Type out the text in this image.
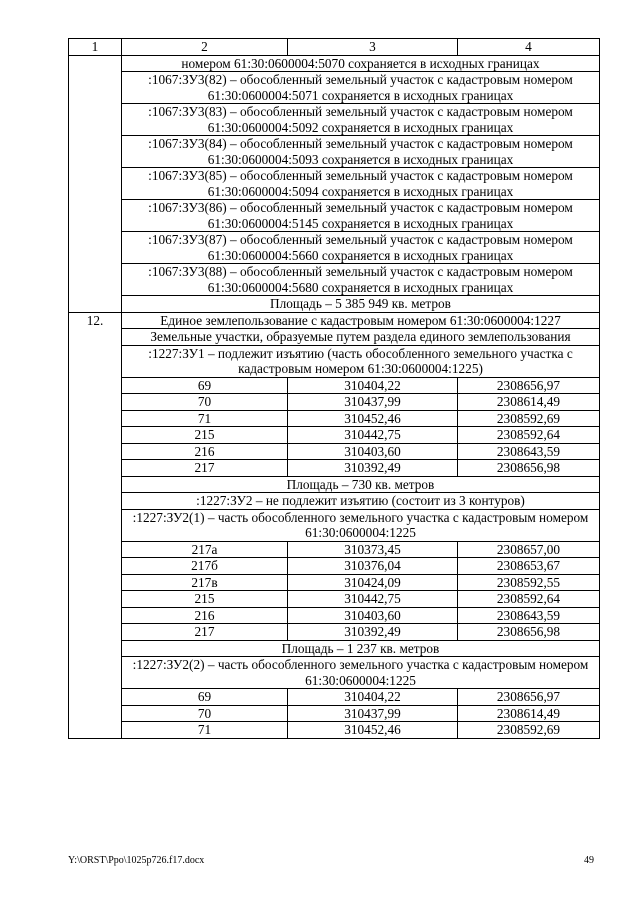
1	2	3	4
	номером 61:30:0600004:5070 сохраняется в исходных границах		
	:1067:ЗУ3(82) – обособленный земельный участок с кадастровым номером 61:30:0600004:5071 сохраняется в исходных границах		
	:1067:ЗУ3(83) – обособленный земельный участок с кадастровым номером 61:30:0600004:5092 сохраняется в исходных границах		
	:1067:ЗУ3(84) – обособленный земельный участок с кадастровым номером 61:30:0600004:5093 сохраняется в исходных границах		
	:1067:ЗУ3(85) – обособленный земельный участок с кадастровым номером 61:30:0600004:5094 сохраняется в исходных границах		
	:1067:ЗУ3(86) – обособленный земельный участок с кадастровым номером 61:30:0600004:5145 сохраняется в исходных границах		
	:1067:ЗУ3(87) – обособленный земельный участок с кадастровым номером 61:30:0600004:5660 сохраняется в исходных границах		
	:1067:ЗУ3(88) – обособленный земельный участок с кадастровым номером 61:30:0600004:5680 сохраняется в исходных границах		
	Площадь – 5 385 949 кв. метров		
12.	Единое землепользование с кадастровым номером 61:30:0600004:1227		
	Земельные участки, образуемые путем раздела единого землепользования		
	:1227:ЗУ1 – подлежит изъятию (часть обособленного земельного участка с кадастровым номером 61:30:0600004:1225)		
	69	310404,22	2308656,97
	70	310437,99	2308614,49
	71	310452,46	2308592,69
	215	310442,75	2308592,64
	216	310403,60	2308643,59
	217	310392,49	2308656,98
	Площадь – 730 кв. метров		
	:1227:ЗУ2 – не подлежит изъятию (состоит из 3 контуров)		
	:1227:ЗУ2(1) – часть обособленного земельного участка с кадастровым номером 61:30:0600004:1225		
	217а	310373,45	2308657,00
	217б	310376,04	2308653,67
	217в	310424,09	2308592,55
	215	310442,75	2308592,64
	216	310403,60	2308643,59
	217	310392,49	2308656,98
	Площадь – 1 237 кв. метров		
	:1227:ЗУ2(2) – часть обособленного земельного участка с кадастровым номером 61:30:0600004:1225		
	69	310404,22	2308656,97
	70	310437,99	2308614,49
	71	310452,46	2308592,69
Y:\ORST\Ppo\1025p726.f17.docx	49
